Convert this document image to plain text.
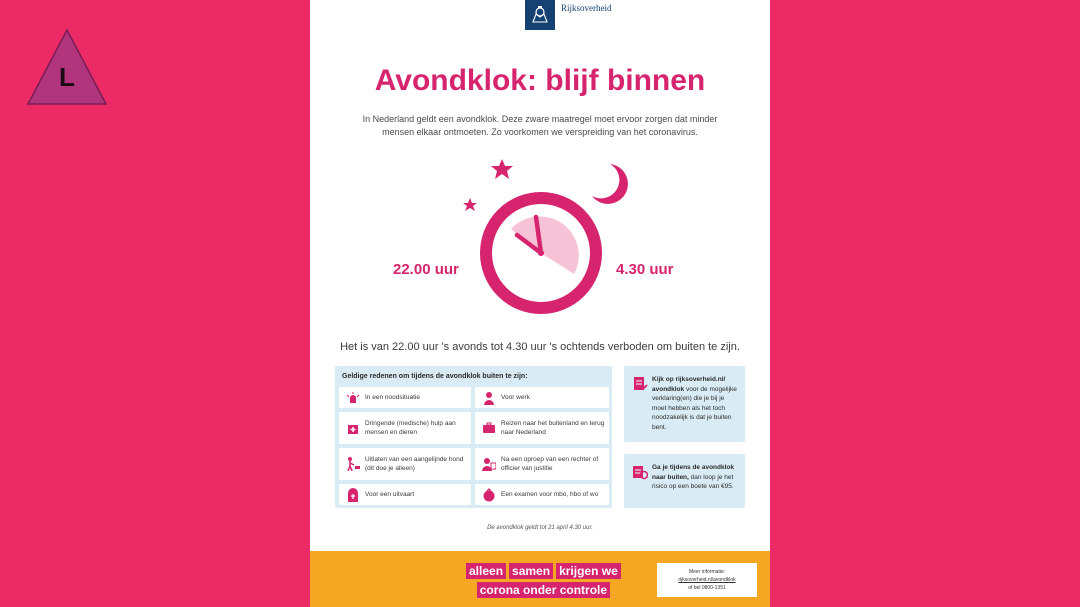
L
Rijksoverheid
Avondklok: blijf binnen
In Nederland geldt een avondklok. Deze zware maatregel moet ervoor zorgen dat minder mensen elkaar ontmoeten. Zo voorkomen we verspreiding van het coronavirus.
22.00 uur	4.30 uur
Het is van 22.00 uur 's avonds tot 4.30 uur 's ochtends verboden om buiten te zijn.
Geldige redenen om tijdens de avondklok buiten te zijn:
In een noodsituatie	Voor werk
Dringende (medische) hulp aan mensen en dieren
Reizen naar het buitenland en terug naar Nederland
Uitlaten van een aangelijnde hond (dit doe je alleen)
Na een oproep van een rechter of officier van justitie
Voor een uitvaart	Een examen voor mbo, hbo of wo
Kijk op rijksoverheid.nl/ avondklok voor de mogelijke verklaring(en) die je bij je moet hebben als het toch noodzakelijk is dat je buiten bent.
Ga je tijdens de avondklok naar buiten, dan loop je het risico op een boete van €95.
De avondklok geldt tot 21 april 4.30 uur.
alleen samen krijgen we
corona onder controle
Meer informatie:
rijksoverheid.nl/avondklok
of bel 0800-1351
